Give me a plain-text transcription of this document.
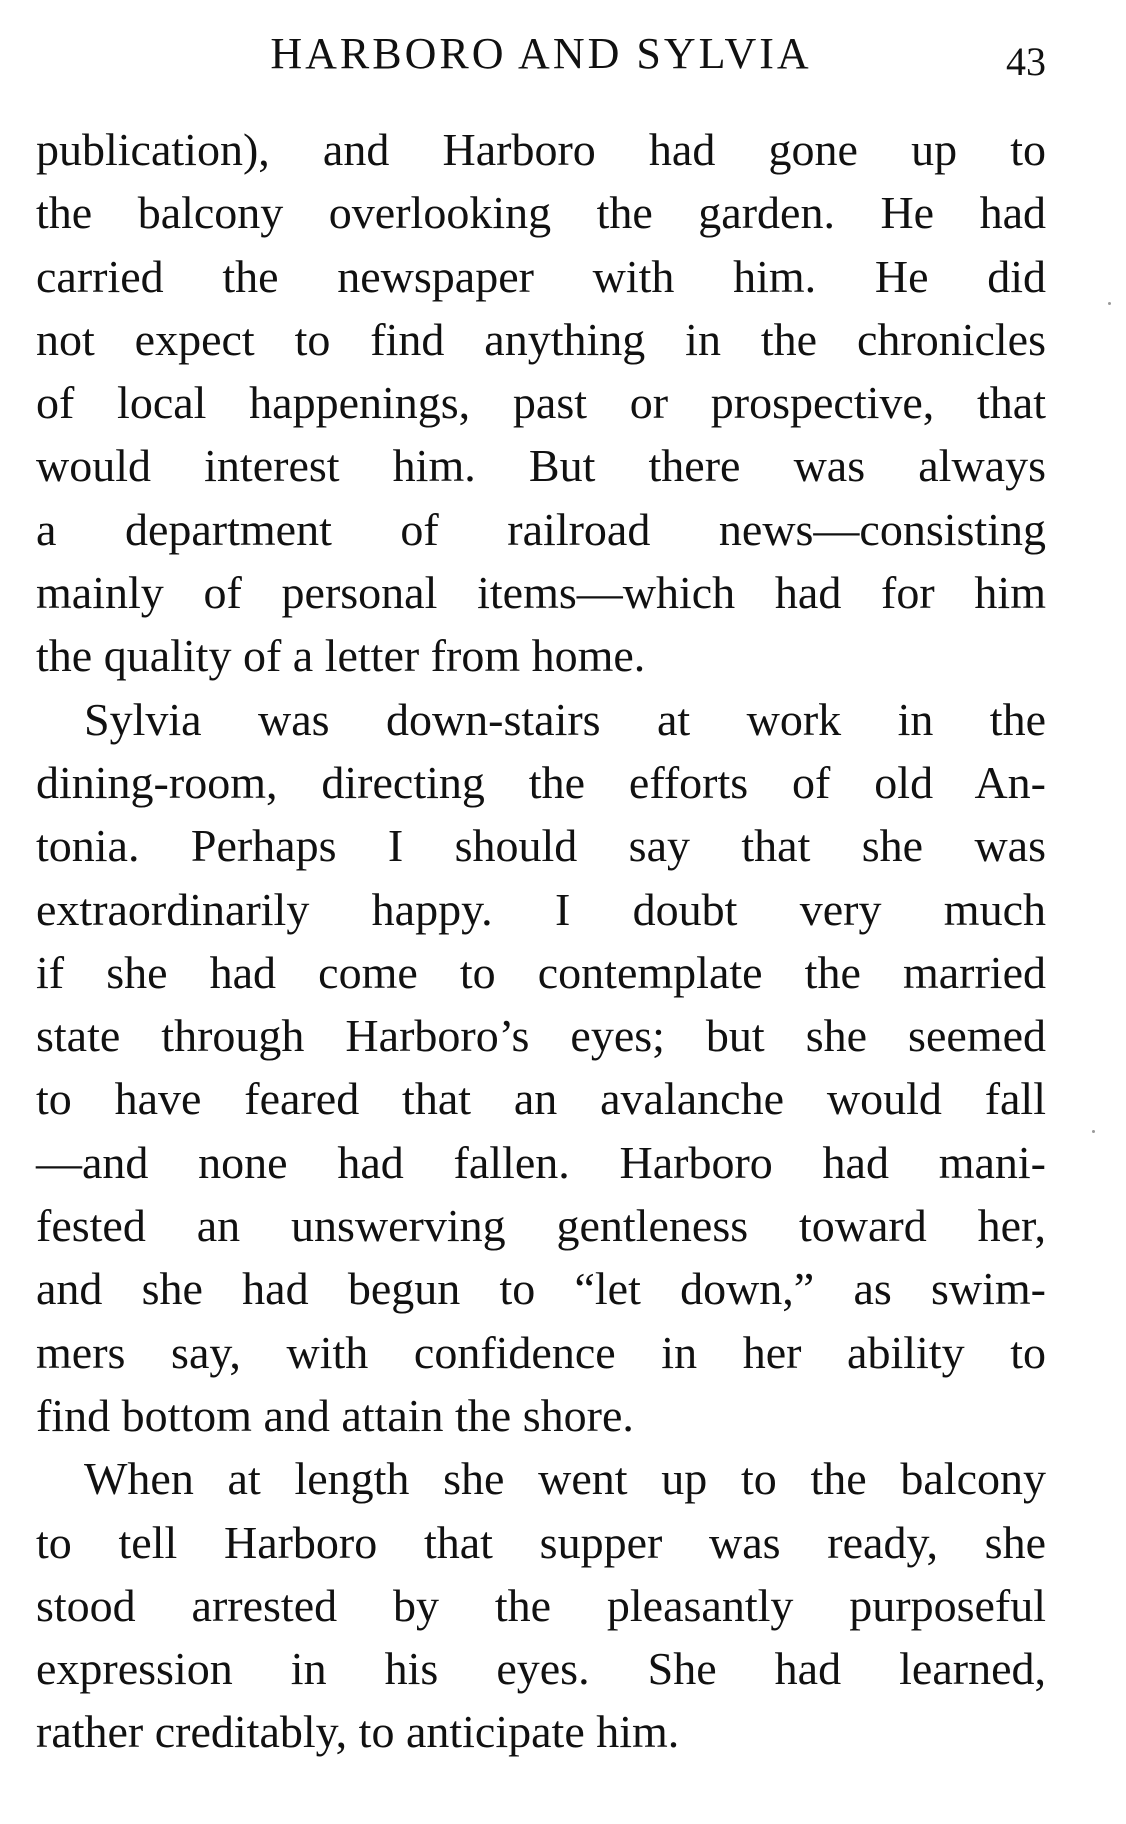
HARBORO AND SYLVIA	43
publication), and Harboro had gone up to
the balcony overlooking the garden. He had
carried the newspaper with him. He did
not expect to find anything in the chronicles
of local happenings, past or prospective, that
would interest him. But there was always
a department of railroad news—consisting
mainly of personal items—which had for him
the quality of a letter from home.
Sylvia was down-stairs at work in the
dining-room, directing the efforts of old An-
tonia. Perhaps I should say that she was
extraordinarily happy. I doubt very much
if she had come to contemplate the married
state through Harboro’s eyes; but she seemed
to have feared that an avalanche would fall
—and none had fallen. Harboro had mani-
fested an unswerving gentleness toward her,
and she had begun to “let down,” as swim-
mers say, with confidence in her ability to
find bottom and attain the shore.
When at length she went up to the balcony
to tell Harboro that supper was ready, she
stood arrested by the pleasantly purposeful
expression in his eyes. She had learned,
rather creditably, to anticipate him.
